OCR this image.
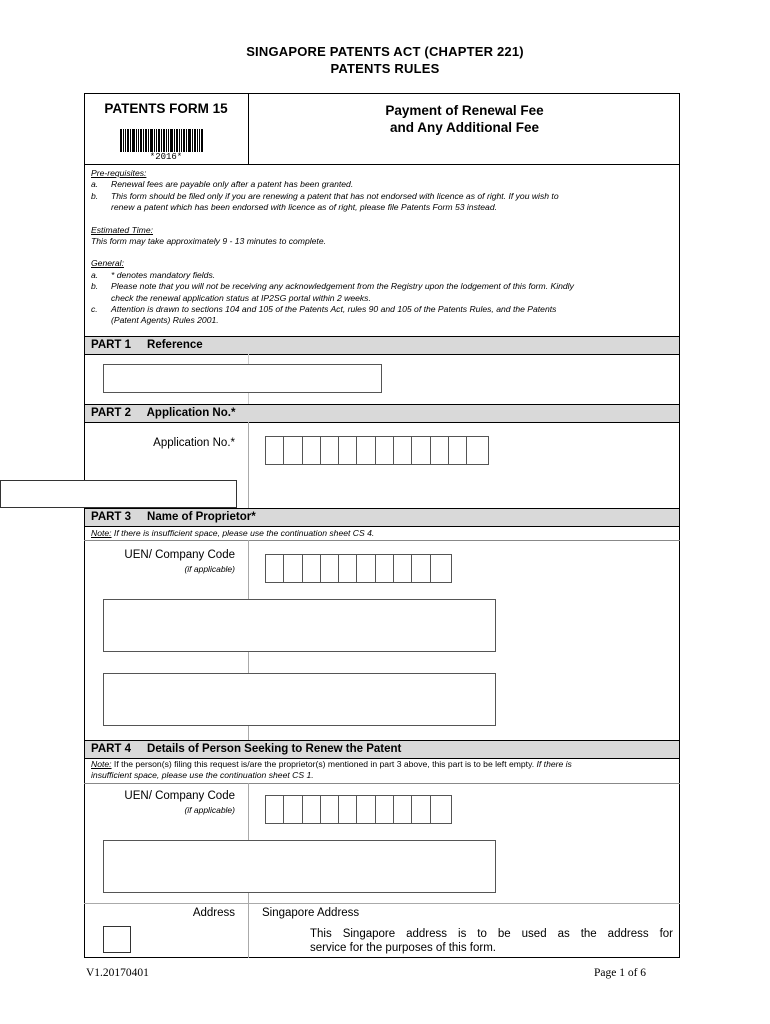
SINGAPORE PATENTS ACT (CHAPTER 221)
PATENTS RULES
PATENTS FORM 15
*2016*
Payment of Renewal Fee
and Any Additional Fee
Pre-requisites:
a. Renewal fees are payable only after a patent has been granted.
b. This form should be filed only if you are renewing a patent that has not endorsed with licence as of right. If you wish to
renew a patent which has been endorsed with licence as of right, please file Patents Form 53 instead.
Estimated Time:
This form may take approximately 9 - 13 minutes to complete.
General:
a. * denotes mandatory fields.
b. Please note that you will not be receiving any acknowledgement from the Registry upon the lodgement of this form. Kindly
check the renewal application status at IP2SG portal within 2 weeks.
c. Attention is drawn to sections 104 and 105 of the Patents Act, rules 90 and 105 of the Patents Rules, and the Patents
(Patent Agents) Rules 2001.
PART 1 Reference
PART 2 Application No.*
Application No.*
PART 3 Name of Proprietor*
Note: If there is insufficient space, please use the continuation sheet CS 4.
UEN/ Company Code
(if applicable)
PART 4 Details of Person Seeking to Renew the Patent
Note: If the person(s) filing this request is/are the proprietor(s) mentioned in part 3 above, this part is to be left empty. If there is
insufficient space, please use the continuation sheet CS 1.
UEN/ Company Code
(if applicable)
Address Singapore Address
This Singapore address is to be used as the address for
service for the purposes of this form.
V1.20170401	Page 1 of 6
